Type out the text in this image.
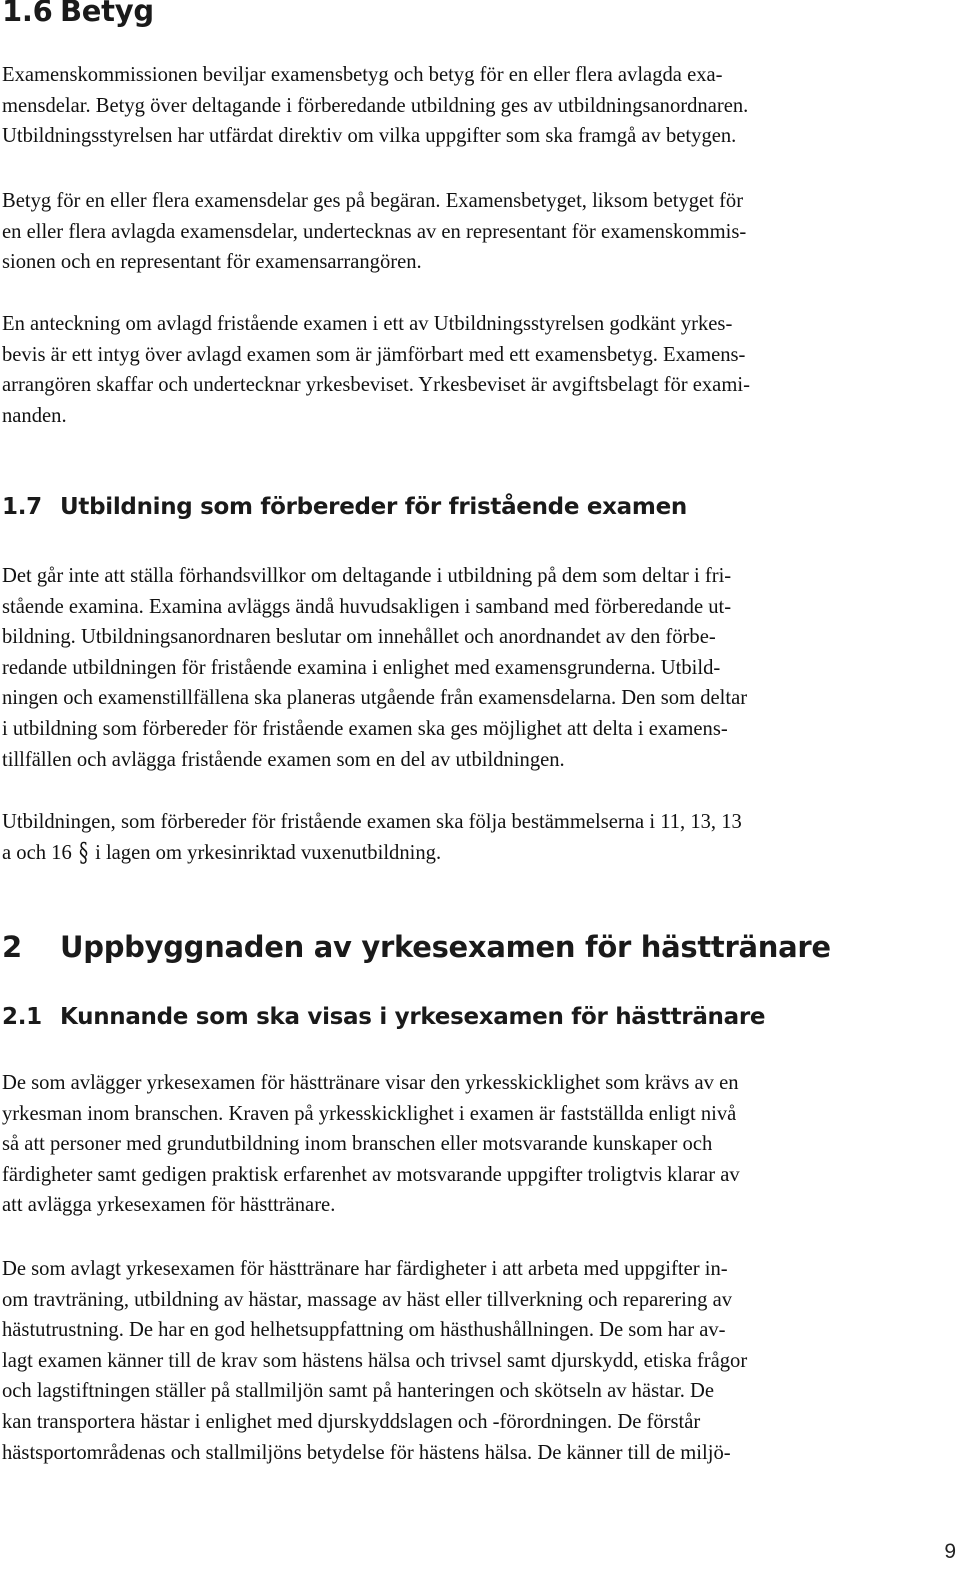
1.6 Betyg
Examenskommissionen beviljar examensbetyg och betyg för en eller flera avlagda exa-
mensdelar. Betyg över deltagande i förberedande utbildning ges av utbildningsanordnaren.
Utbildningsstyrelsen har utfärdat direktiv om vilka uppgifter som ska framgå av betygen.
Betyg för en eller flera examensdelar ges på begäran. Examensbetyget, liksom betyget för
en eller flera avlagda examensdelar, undertecknas av en representant för examenskommis-
sionen och en representant för examensarrangören.
En anteckning om avlagd fristående examen i ett av Utbildningsstyrelsen godkänt yrkes-
bevis är ett intyg över avlagd examen som är jämförbart med ett examensbetyg. Examens-
arrangören skaffar och undertecknar yrkesbeviset. Yrkesbeviset är avgiftsbelagt för exami-
nanden.
1.7 Utbildning som förbereder för fristående examen
Det går inte att ställa förhandsvillkor om deltagande i utbildning på dem som deltar i fri-
stående examina. Examina avläggs ändå huvudsakligen i samband med förberedande ut-
bildning. Utbildningsanordnaren beslutar om innehållet och anordnandet av den förbe-
redande utbildningen för fristående examina i enlighet med examensgrunderna. Utbild-
ningen och examenstillfällena ska planeras utgående från examensdelarna. Den som deltar
i utbildning som förbereder för fristående examen ska ges möjlighet att delta i examens-
tillfällen och avlägga fristående examen som en del av utbildningen.
Utbildningen, som förbereder för fristående examen ska följa bestämmelserna i 11, 13, 13
a och 16 § i lagen om yrkesinriktad vuxenutbildning.
2 Uppbyggnaden av yrkesexamen för hästtränare
2.1 Kunnande som ska visas i yrkesexamen för hästtränare
De som avlägger yrkesexamen för hästtränare visar den yrkesskicklighet som krävs av en
yrkesman inom branschen. Kraven på yrkesskicklighet i examen är fastställda enligt nivå
så att personer med grundutbildning inom branschen eller motsvarande kunskaper och
färdigheter samt gedigen praktisk erfarenhet av motsvarande uppgifter troligtvis klarar av
att avlägga yrkesexamen för hästtränare.
De som avlagt yrkesexamen för hästtränare har färdigheter i att arbeta med uppgifter in-
om travträning, utbildning av hästar, massage av häst eller tillverkning och reparering av
hästutrustning. De har en god helhetsuppfattning om hästhushållningen. De som har av-
lagt examen känner till de krav som hästens hälsa och trivsel samt djurskydd, etiska frågor
och lagstiftningen ställer på stallmiljön samt på hanteringen och skötseln av hästar. De
kan transportera hästar i enlighet med djurskyddslagen och -förordningen. De förstår
hästsportområdenas och stallmiljöns betydelse för hästens hälsa. De känner till de miljö-
9
